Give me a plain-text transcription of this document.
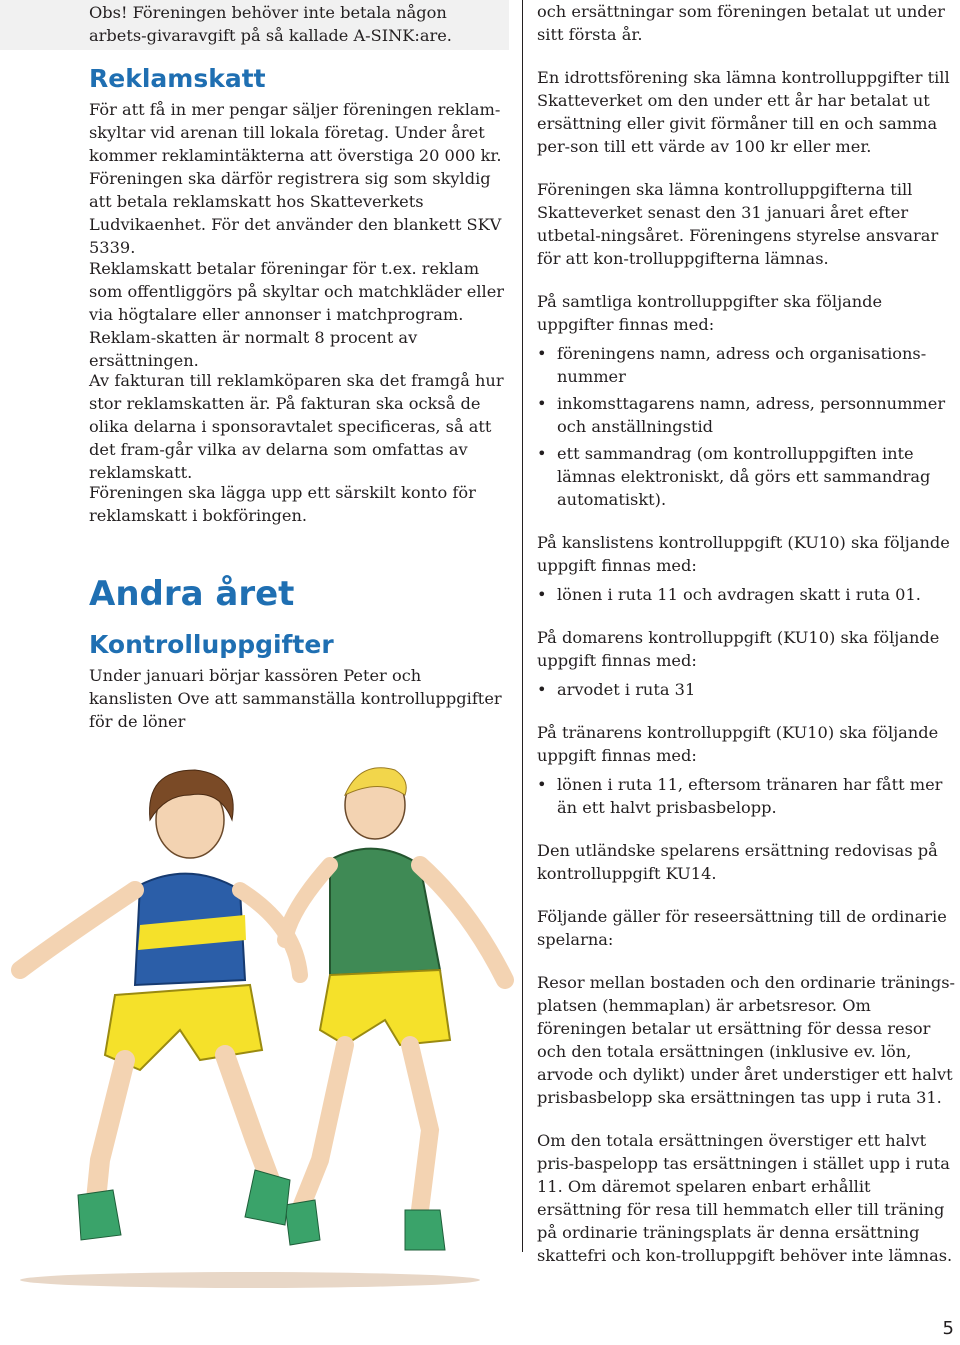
Obs! Föreningen behöver inte betala någon arbets-givaravgift på så kallade A-SINK:are.

Reklamskatt

För att få in mer pengar säljer föreningen reklam-skyltar vid arenan till lokala företag. Under året kommer reklamintäkterna att överstiga 20 000 kr. Föreningen ska därför registrera sig som skyldig att betala reklamskatt hos Skatteverkets Ludvikaenhet. För det använder den blankett SKV 5339.

Reklamskatt betalar föreningar för t.ex. reklam som offentliggörs på skyltar och matchkläder eller via högtalare eller annonser i matchprogram. Reklam-skatten är normalt 8 procent av ersättningen.

Av fakturan till reklamköparen ska det framgå hur stor reklamskatten är. På fakturan ska också de olika delarna i sponsoravtalet specificeras, så att det fram-går vilka av delarna som omfattas av reklamskatt.

Föreningen ska lägga upp ett särskilt konto för reklamskatt i bokföringen.

Andra året
Kontrolluppgifter

Under januari börjar kassören Peter och kanslisten Ove att sammanställa kontrolluppgifter för de löner

och ersättningar som föreningen betalat ut under sitt första år.

En idrottsförening ska lämna kontrolluppgifter till Skatteverket om den under ett år har betalat ut ersättning eller givit förmåner till en och samma per-son till ett värde av 100 kr eller mer.

Föreningen ska lämna kontrolluppgifterna till Skatteverket senast den 31 januari året efter utbetal-ningsåret. Föreningens styrelse ansvarar för att kon-trolluppgifterna lämnas.

På samtliga kontrolluppgifter ska följande uppgifter finnas med:

• föreningens namn, adress och organisations-nummer
• inkomsttagarens namn, adress, personnummer och anställningstid
• ett sammandrag (om kontrolluppgiften inte lämnas elektroniskt, då görs ett sammandrag automatiskt).

På kanslistens kontrolluppgift (KU10) ska följande uppgift finnas med:

• lönen i ruta 11 och avdragen skatt i ruta 01.

På domarens kontrolluppgift (KU10) ska följande uppgift finnas med:

• arvodet i ruta 31

På tränarens kontrolluppgift (KU10) ska följande uppgift finnas med:

• lönen i ruta 11, eftersom tränaren har fått mer än ett halvt prisbasbelopp.

Den utländske spelarens ersättning redovisas på kontrolluppgift KU14.

Följande gäller för reseersättning till de ordinarie spelarna:

Resor mellan bostaden och den ordinarie tränings-platsen (hemmaplan) är arbetsresor. Om föreningen betalar ut ersättning för dessa resor och den totala ersättningen (inklusive ev. lön, arvode och dylikt) under året understiger ett halvt prisbasbelopp ska ersättningen tas upp i ruta 31.

Om den totala ersättningen överstiger ett halvt pris-baspelopp tas ersättningen i stället upp i ruta 11. Om däremot spelaren enbart erhållit ersättning för resa till hemmatch eller till träning på ordinarie träningsplats är denna ersättning skattefri och kon-trolluppgift behöver inte lämnas.

5
